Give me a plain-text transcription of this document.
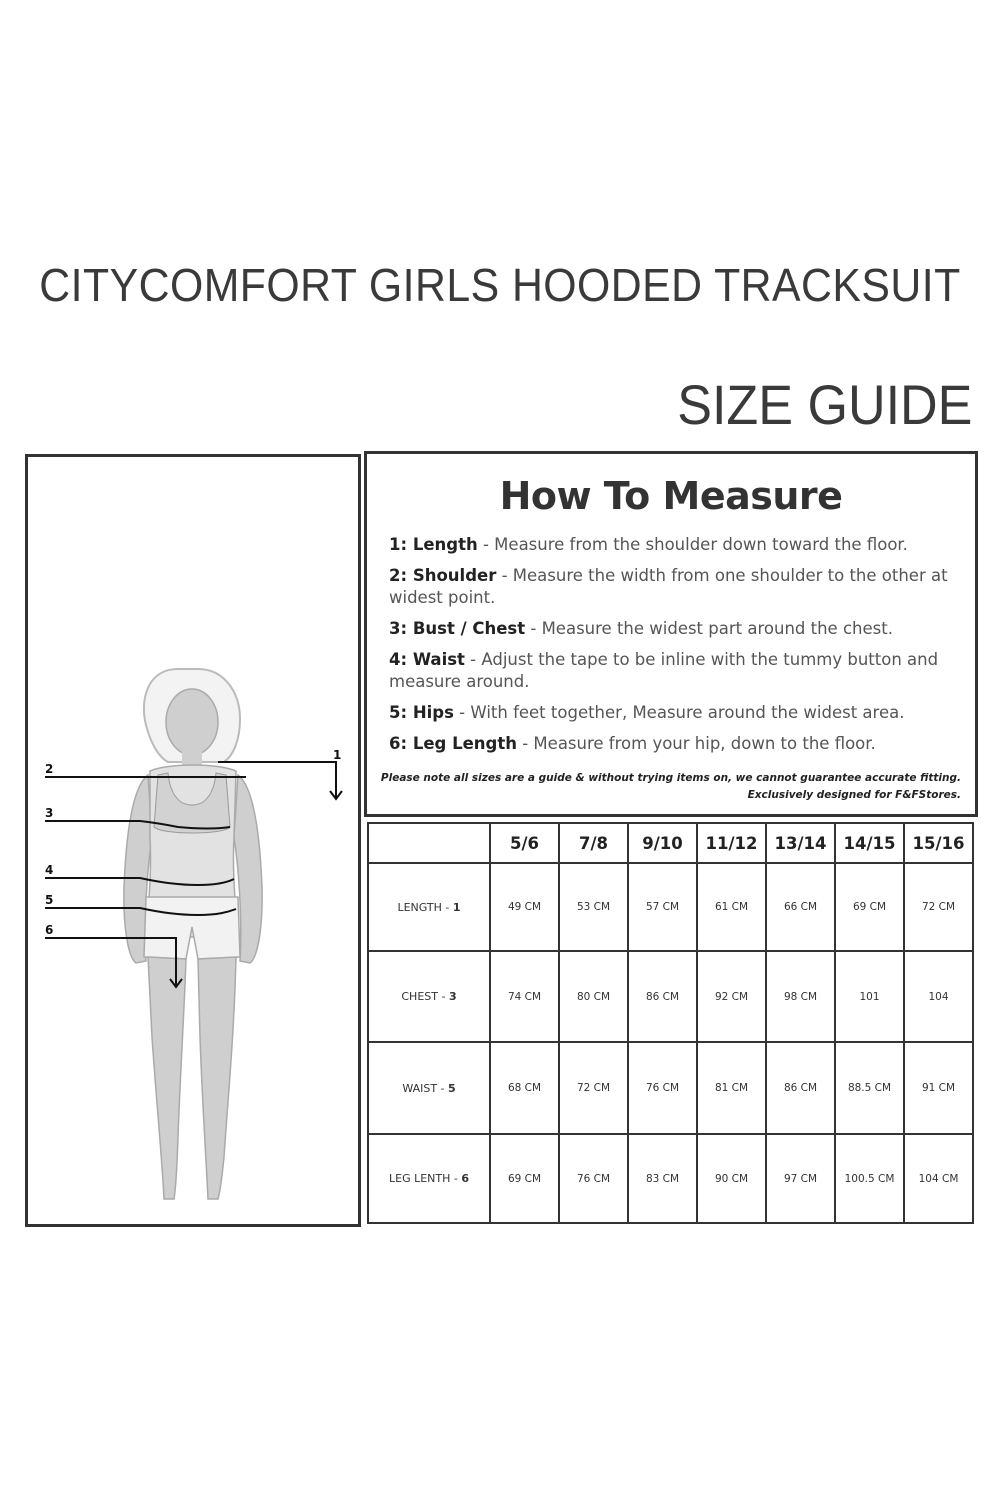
CITYCOMFORT GIRLS HOODED TRACKSUIT
SIZE GUIDE
1
2
3
4
5
6
How To Measure
1: Length - Measure from the shoulder down toward the floor.
2: Shoulder - Measure the width from one shoulder to the other at widest point.
3: Bust / Chest - Measure the widest part around the chest.
4: Waist - Adjust the tape to be inline with the tummy button and measure around.
5: Hips - With feet together, Measure around the widest area.
6: Leg Length - Measure from your hip, down to the floor.
Please note all sizes are a guide & without trying items on, we cannot guarantee accurate fitting.
Exclusively designed for F&FStores.
	5/6	7/8	9/10	11/12	13/14	14/15	15/16
LENGTH - 1	49 CM	53 CM	57 CM	61 CM	66 CM	69 CM	72 CM
CHEST - 3	74 CM	80 CM	86 CM	92 CM	98 CM	101	104
WAIST - 5	68 CM	72 CM	76 CM	81 CM	86 CM	88.5 CM	91 CM
LEG LENTH - 6	69 CM	76 CM	83 CM	90 CM	97 CM	100.5 CM	104 CM
